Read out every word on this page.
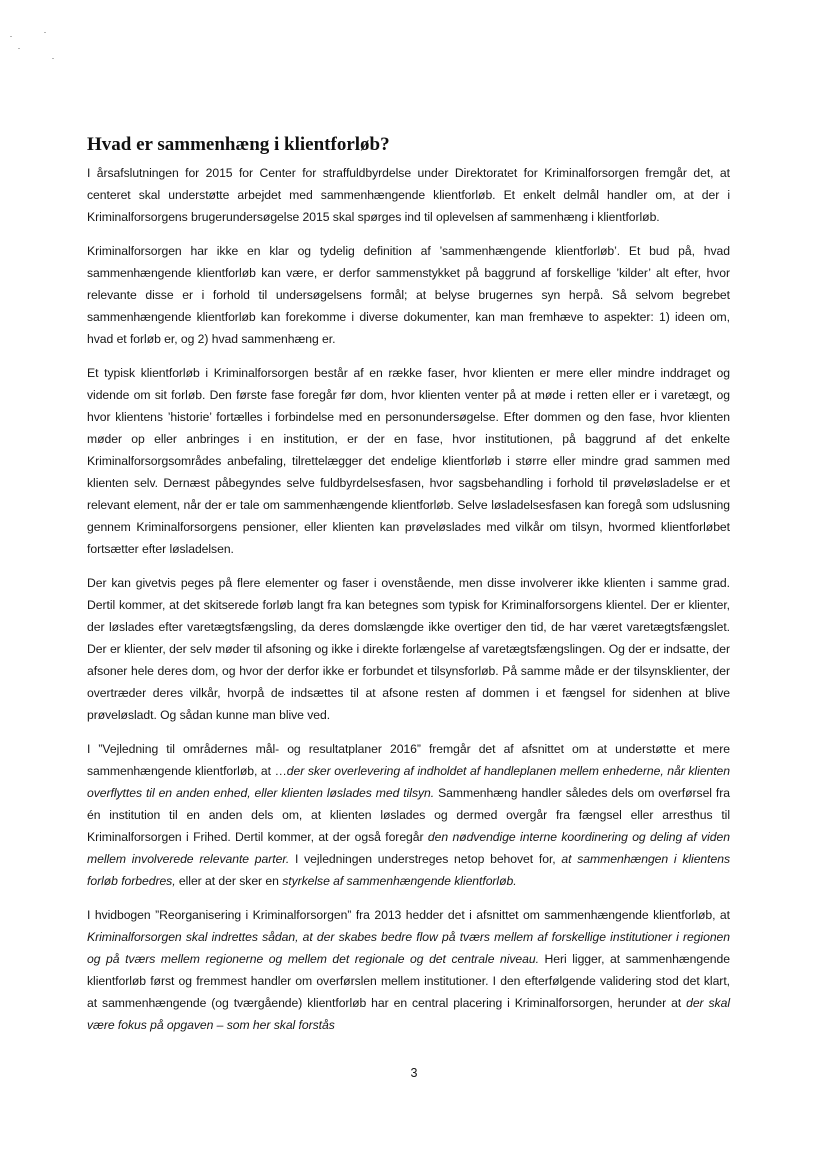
Hvad er sammenhæng i klientforløb?

I årsafslutningen for 2015 for Center for straffuldbyrdelse under Direktoratet for Kriminalforsorgen fremgår det, at centeret skal understøtte arbejdet med sammenhængende klientforløb. Et enkelt delmål handler om, at der i Kriminalforsorgens brugerundersøgelse 2015 skal spørges ind til oplevelsen af sammenhæng i klientforløb.

Kriminalforsorgen har ikke en klar og tydelig definition af ’sammenhængende klientforløb’. Et bud på, hvad sammenhængende klientforløb kan være, er derfor sammenstykket på baggrund af forskellige ’kilder’ alt efter, hvor relevante disse er i forhold til undersøgelsens formål; at belyse brugernes syn herpå. Så selvom begrebet sammenhængende klientforløb kan forekomme i diverse dokumenter, kan man fremhæve to aspekter: 1) ideen om, hvad et forløb er, og 2) hvad sammenhæng er.

Et typisk klientforløb i Kriminalforsorgen består af en række faser, hvor klienten er mere eller mindre inddraget og vidende om sit forløb. Den første fase foregår før dom, hvor klienten venter på at møde i retten eller er i varetægt, og hvor klientens ’historie’ fortælles i forbindelse med en personundersøgelse. Efter dommen og den fase, hvor klienten møder op eller anbringes i en institution, er der en fase, hvor institutionen, på baggrund af det enkelte Kriminalforsorgsområdes anbefaling, tilrettelægger det endelige klientforløb i større eller mindre grad sammen med klienten selv. Dernæst påbegyndes selve fuldbyrdelsesfasen, hvor sagsbehandling i forhold til prøveløsladelse er et relevant element, når der er tale om sammenhængende klientforløb. Selve løsladelsesfasen kan foregå som udslusning gennem Kriminalforsorgens pensioner, eller klienten kan prøveløslades med vilkår om tilsyn, hvormed klientforløbet fortsætter efter løsladelsen.

Der kan givetvis peges på flere elementer og faser i ovenstående, men disse involverer ikke klienten i samme grad. Dertil kommer, at det skitserede forløb langt fra kan betegnes som typisk for Kriminalforsorgens klientel. Der er klienter, der løslades efter varetægtsfængsling, da deres domslængde ikke overtiger den tid, de har været varetægtsfængslet. Der er klienter, der selv møder til afsoning og ikke i direkte forlængelse af varetægtsfængslingen. Og der er indsatte, der afsoner hele deres dom, og hvor der derfor ikke er forbundet et tilsynsforløb. På samme måde er der tilsynsklienter, der overtræder deres vilkår, hvorpå de indsættes til at afsone resten af dommen i et fængsel for sidenhen at blive prøveløsladt. Og sådan kunne man blive ved.

I ”Vejledning til områdernes mål- og resultatplaner 2016” fremgår det af afsnittet om at understøtte et mere sammenhængende klientforløb, at …der sker overlevering af indholdet af handleplanen mellem enhederne, når klienten overflyttes til en anden enhed, eller klienten løslades med tilsyn. Sammenhæng handler således dels om overførsel fra én institution til en anden dels om, at klienten løslades og dermed overgår fra fængsel eller arresthus til Kriminalforsorgen i Frihed. Dertil kommer, at der også foregår den nødvendige interne koordinering og deling af viden mellem involverede relevante parter. I vejledningen understreges netop behovet for, at sammenhængen i klientens forløb forbedres, eller at der sker en styrkelse af sammenhængende klientforløb.

I hvidbogen ”Reorganisering i Kriminalforsorgen” fra 2013 hedder det i afsnittet om sammenhængende klientforløb, at Kriminalforsorgen skal indrettes sådan, at der skabes bedre flow på tværs mellem af forskellige institutioner i regionen og på tværs mellem regionerne og mellem det regionale og det centrale niveau. Heri ligger, at sammenhængende klientforløb først og fremmest handler om overførslen mellem institutioner. I den efterfølgende validering stod det klart, at sammenhængende (og tværgående) klientforløb har en central placering i Kriminalforsorgen, herunder at der skal være fokus på opgaven – som her skal forstås

3
